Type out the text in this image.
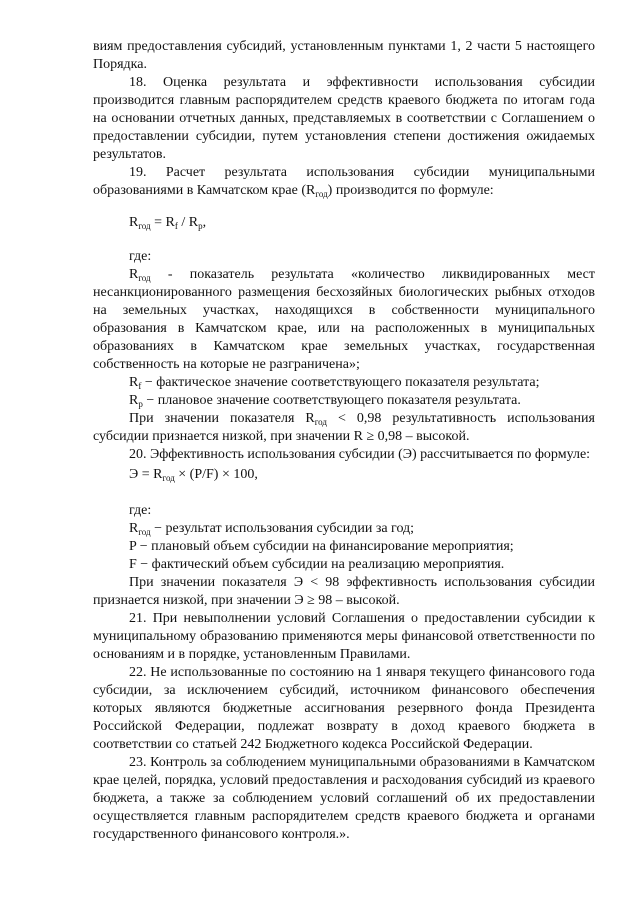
виям предоставления субсидий, установленным пунктами 1, 2 части 5 настоящего Порядка.

18. Оценка результата и эффективности использования субсидии производится главным распорядителем средств краевого бюджета по итогам года на основании отчетных данных, представляемых в соответствии с Соглашением о предоставлении субсидии, путем установления степени достижения ожидаемых результатов.

19. Расчет результата использования субсидии муниципальными образованиями в Камчатском крае $(R_{год})$ производится по формуле:

$R_{год} = R_f / R_p$,

где:

$R_{год}$ - показатель результата «количество ликвидированных мест несанкционированного размещения бесхозяйных биологических рыбных отходов на земельных участках, находящихся в собственности муниципального образования в Камчатском крае, или на расположенных в муниципальных образованиях в Камчатском крае земельных участках, государственная собственность на которые не разграничена»;

$R_f$ − фактическое значение соответствующего показателя результата;

$R_p$ − плановое значение соответствующего показателя результата.

При значении показателя $R_{год} < 0,98$ результативность использования субсидии признается низкой, при значении R ≥ 0,98 – высокой.

20. Эффективность использования субсидии (Э) рассчитывается по формуле:

$Э = R_{год} \times (P/F) \times 100$,

где:

$R_{год}$ − результат использования субсидии за год;

P − плановый объем субсидии на финансирование мероприятия;

F − фактический объем субсидии на реализацию мероприятия.

При значении показателя Э < 98 эффективность использования субсидии признается низкой, при значении Э ≥ 98 – высокой.

21. При невыполнении условий Соглашения о предоставлении субсидии к муниципальному образованию применяются меры финансовой ответственности по основаниям и в порядке, установленным Правилами.

22. Не использованные по состоянию на 1 января текущего финансового года субсидии, за исключением субсидий, источником финансового обеспечения которых являются бюджетные ассигнования резервного фонда Президента Российской Федерации, подлежат возврату в доход краевого бюджета в соответствии со статьей 242 Бюджетного кодекса Российской Федерации.

23. Контроль за соблюдением муниципальными образованиями в Камчатском крае целей, порядка, условий предоставления и расходования субсидий из краевого бюджета, а также за соблюдением условий соглашений об их предоставлении осуществляется главным распорядителем средств краевого бюджета и органами государственного финансового контроля.».
